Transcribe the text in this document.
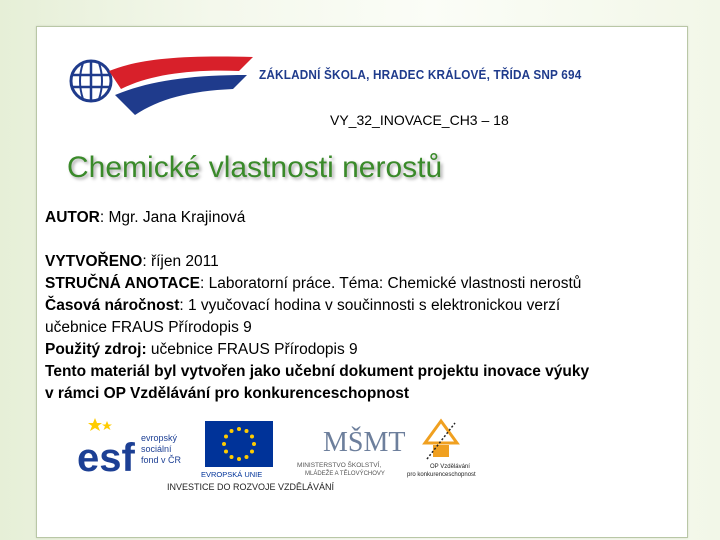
ZÁKLADNÍ ŠKOLA, HRADEC KRÁLOVÉ, TŘÍDA SNP 694
VY_32_INOVACE_CH3 – 18
Chemické vlastnosti nerostů

AUTOR: Mgr. Jana Krajinová

VYTVOŘENO: říjen 2011

STRUČNÁ ANOTACE: Laboratorní práce. Téma: Chemické vlastnosti nerostů

Časová náročnost: 1 vyučovací hodina v součinnosti s elektronickou verzí

učebnice FRAUS Přírodopis 9

Použitý zdroj: učebnice FRAUS Přírodopis 9

Tento materiál byl vytvořen jako učební dokument projektu inovace výuky

v rámci OP Vzdělávání pro konkurenceschopnost

esf evropský
sociální
fond v ČR
EVROPSKÁ UNIE
MŠMT
MINISTERSTVO ŠKOLSTVÍ,
MLÁDEŽE A TĚLOVÝCHOVY
OP Vzdělávání
pro konkurenceschopnost
INVESTICE DO ROZVOJE VZDĚLÁVÁNÍ
